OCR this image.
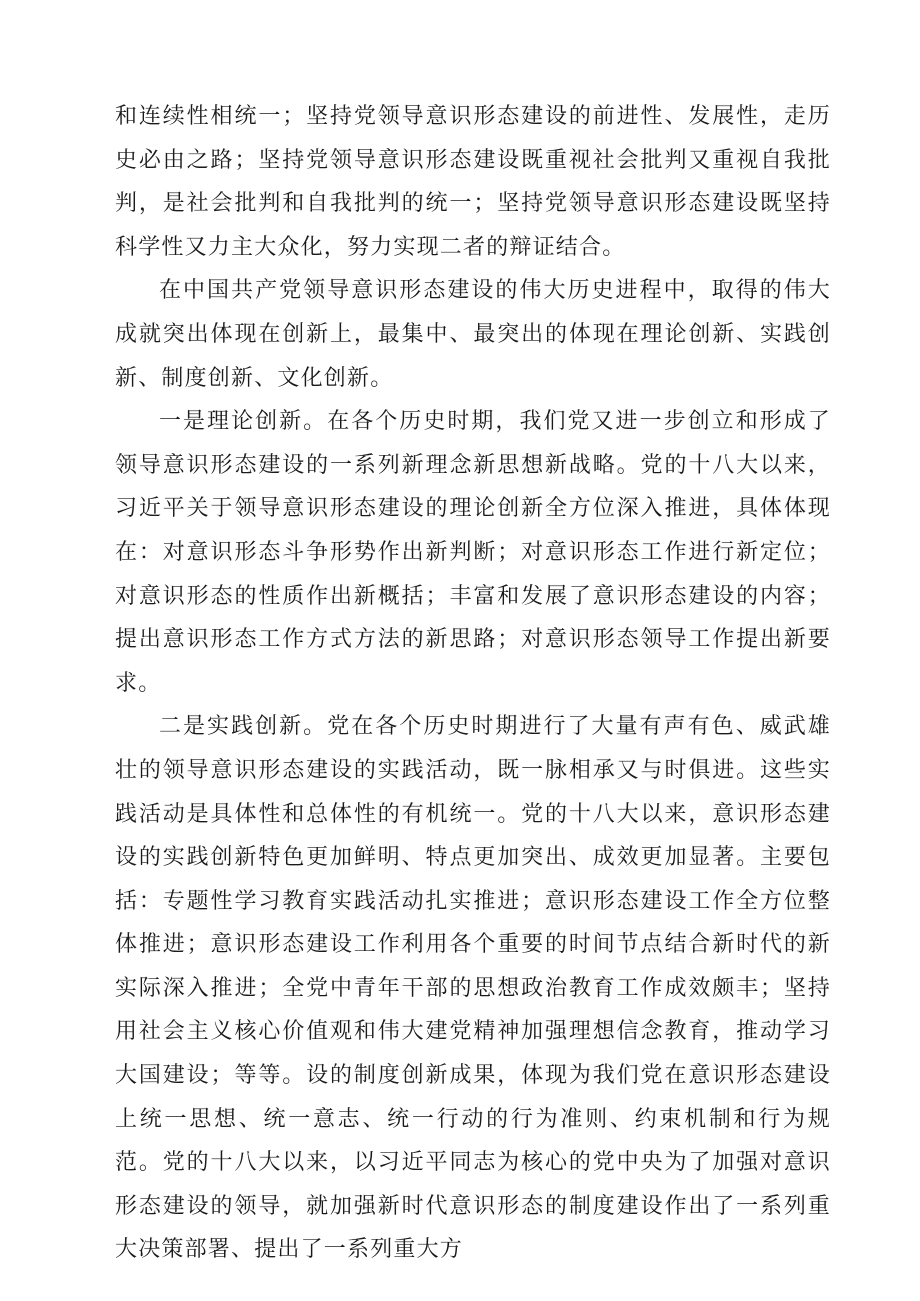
和连续性相统一；坚持党领导意识形态建设的前进性、发展性，走历史必由之路；坚持党领导意识形态建设既重视社会批判又重视自我批判，是社会批判和自我批判的统一；坚持党领导意识形态建设既坚持科学性又力主大众化，努力实现二者的辩证结合。

在中国共产党领导意识形态建设的伟大历史进程中，取得的伟大成就突出体现在创新上，最集中、最突出的体现在理论创新、实践创新、制度创新、文化创新。

一是理论创新。在各个历史时期，我们党又进一步创立和形成了领导意识形态建设的一系列新理念新思想新战略。党的十八大以来，习近平关于领导意识形态建设的理论创新全方位深入推进，具体体现在：对意识形态斗争形势作出新判断；对意识形态工作进行新定位；对意识形态的性质作出新概括；丰富和发展了意识形态建设的内容；提出意识形态工作方式方法的新思路；对意识形态领导工作提出新要求。

二是实践创新。党在各个历史时期进行了大量有声有色、威武雄壮的领导意识形态建设的实践活动，既一脉相承又与时俱进。这些实践活动是具体性和总体性的有机统一。党的十八大以来，意识形态建设的实践创新特色更加鲜明、特点更加突出、成效更加显著。主要包括：专题性学习教育实践活动扎实推进；意识形态建设工作全方位整体推进；意识形态建设工作利用各个重要的时间节点结合新时代的新实际深入推进；全党中青年干部的思想政治教育工作成效颇丰；坚持用社会主义核心价值观和伟大建党精神加强理想信念教育，推动学习大国建设；等等。设的制度创新成果，体现为我们党在意识形态建设上统一思想、统一意志、统一行动的行为准则、约束机制和行为规范。党的十八大以来，以习近平同志为核心的党中央为了加强对意识形态建设的领导，就加强新时代意识形态的制度建设作出了一系列重大决策部署、提出了一系列重大方
